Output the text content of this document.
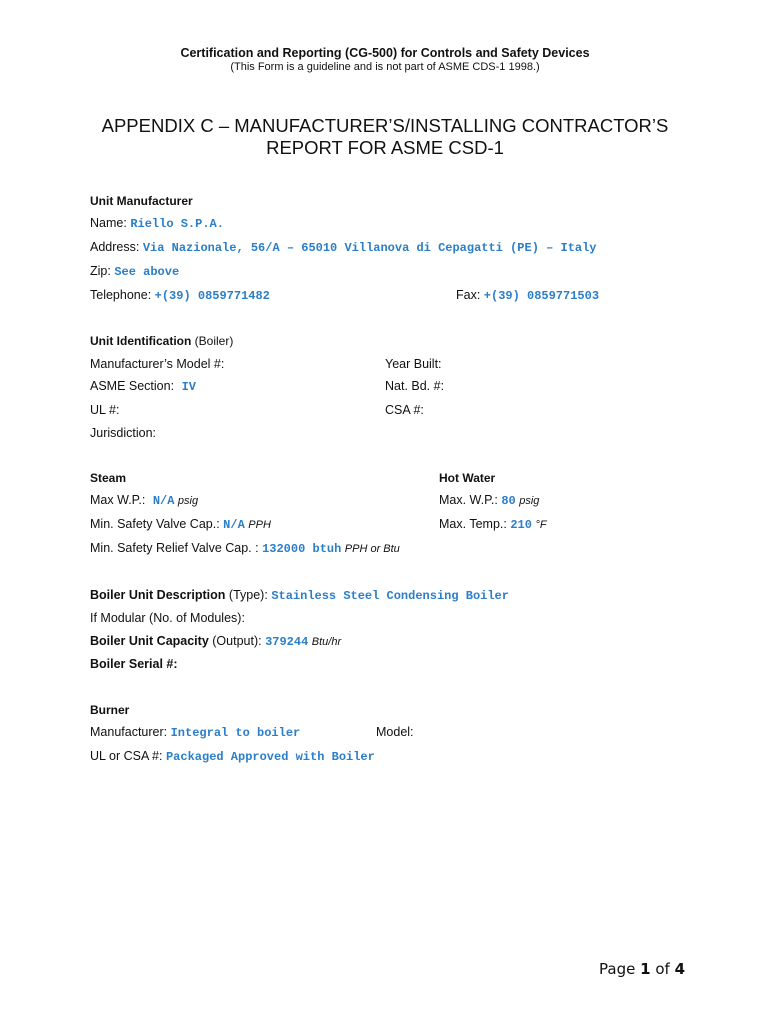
Certification and Reporting (CG-500) for Controls and Safety Devices
(This Form is a guideline and is not part of ASME CDS-1 1998.)
APPENDIX C – MANUFACTURER’S/INSTALLING CONTRACTOR’S
REPORT FOR ASME CSD-1
Unit Manufacturer
Name: Riello S.P.A.
Address: Via Nazionale, 56/A – 65010 Villanova di Cepagatti (PE) – Italy
Zip: See above
Telephone: +(39) 0859771482	Fax: +(39) 0859771503
Unit Identification (Boiler)
Manufacturer’s Model #:	Year Built:
ASME Section: IV	Nat. Bd. #:
UL #:	CSA #:
Jurisdiction:
Steam	Hot Water
Max W.P.: N/A psig	Max. W.P.: 80 psig
Min. Safety Valve Cap.: N/A PPH	Max. Temp.: 210 °F
Min. Safety Relief Valve Cap. : 132000 btuh PPH or Btu
Boiler Unit Description (Type): Stainless Steel Condensing Boiler
If Modular (No. of Modules):
Boiler Unit Capacity (Output): 379244 Btu/hr
Boiler Serial #:
Burner
Manufacturer: Integral to boiler	Model:
UL or CSA #: Packaged Approved with Boiler
Page 1 of 4
